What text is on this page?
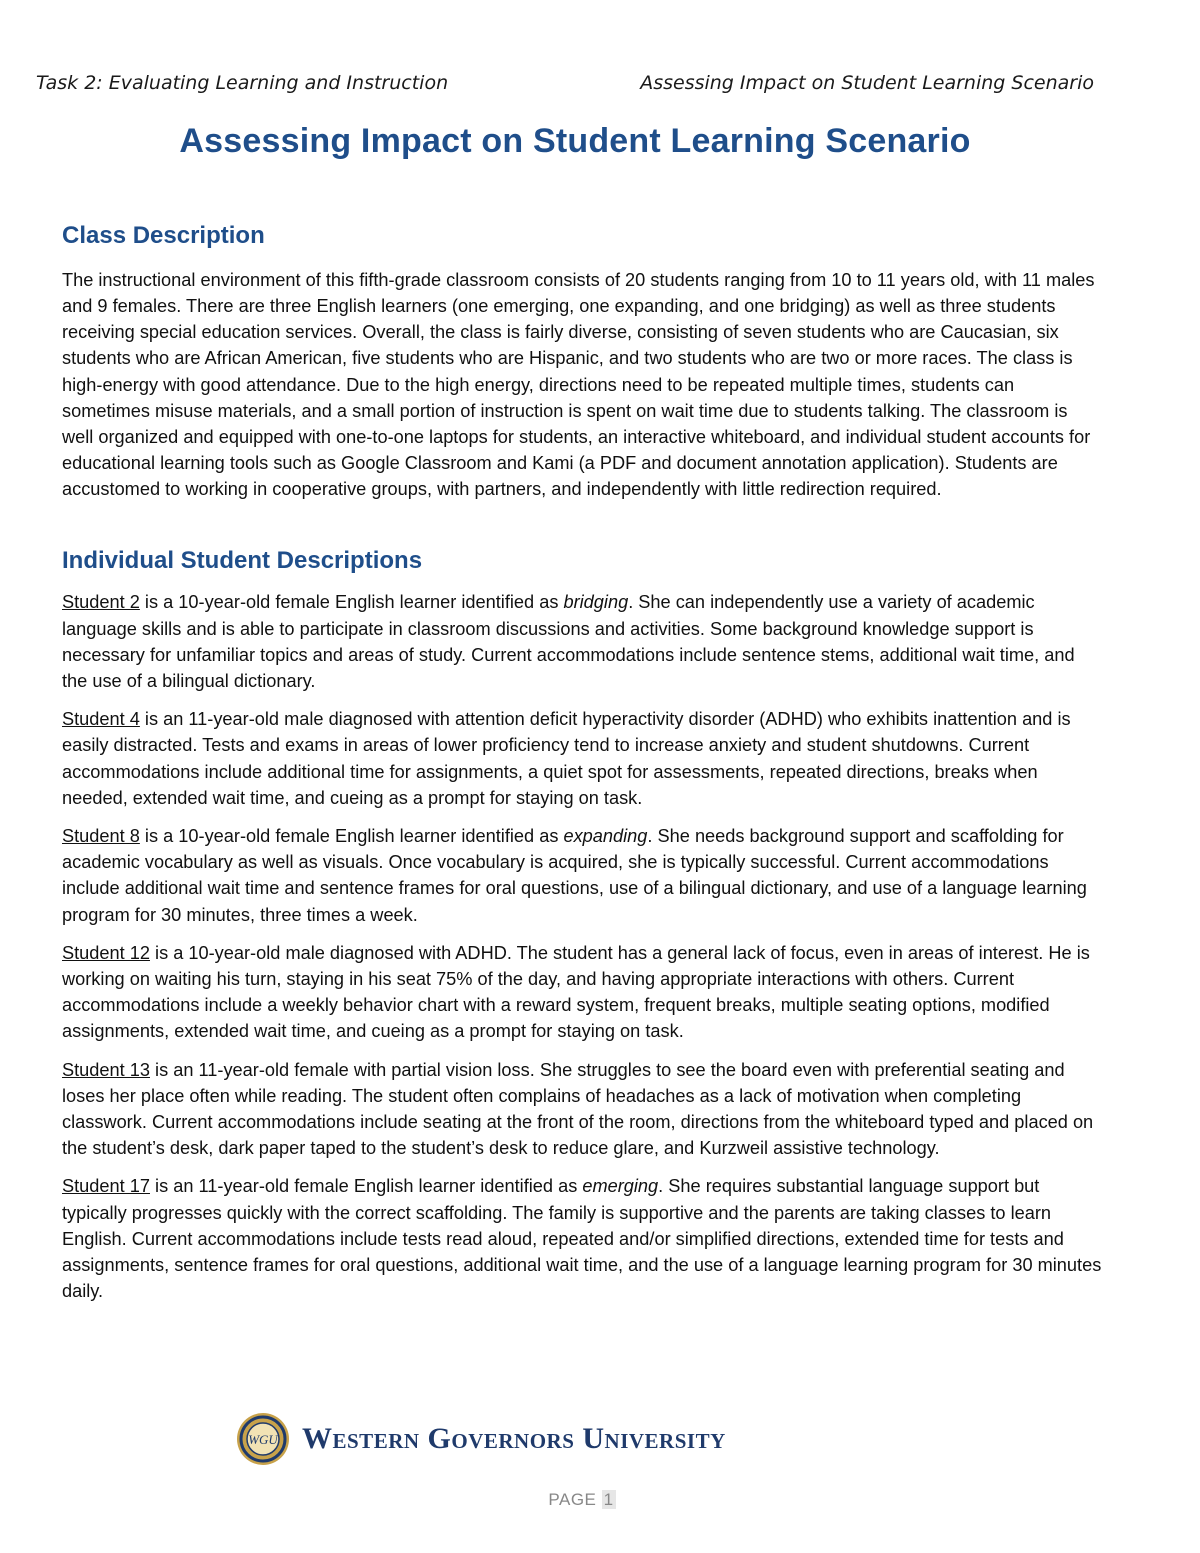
Task 2: Evaluating Learning and Instruction	Assessing Impact on Student Learning Scenario
Assessing Impact on Student Learning Scenario
Class Description

The instructional environment of this fifth-grade classroom consists of 20 students ranging from 10 to 11 years old, with 11 males and 9 females. There are three English learners (one emerging, one expanding, and one bridging) as well as three students receiving special education services. Overall, the class is fairly diverse, consisting of seven students who are Caucasian, six students who are African American, five students who are Hispanic, and two students who are two or more races. The class is high-energy with good attendance. Due to the high energy, directions need to be repeated multiple times, students can sometimes misuse materials, and a small portion of instruction is spent on wait time due to students talking. The classroom is well organized and equipped with one-to-one laptops for students, an interactive whiteboard, and individual student accounts for educational learning tools such as Google Classroom and Kami (a PDF and document annotation application). Students are accustomed to working in cooperative groups, with partners, and independently with little redirection required.

Individual Student Descriptions

Student 2 is a 10-year-old female English learner identified as bridging. She can independently use a variety of academic language skills and is able to participate in classroom discussions and activities. Some background knowledge support is necessary for unfamiliar topics and areas of study. Current accommodations include sentence stems, additional wait time, and the use of a bilingual dictionary.

Student 4 is an 11-year-old male diagnosed with attention deficit hyperactivity disorder (ADHD) who exhibits inattention and is easily distracted. Tests and exams in areas of lower proficiency tend to increase anxiety and student shutdowns. Current accommodations include additional time for assignments, a quiet spot for assessments, repeated directions, breaks when needed, extended wait time, and cueing as a prompt for staying on task.

Student 8 is a 10-year-old female English learner identified as expanding. She needs background support and scaffolding for academic vocabulary as well as visuals. Once vocabulary is acquired, she is typically successful. Current accommodations include additional wait time and sentence frames for oral questions, use of a bilingual dictionary, and use of a language learning program for 30 minutes, three times a week.

Student 12 is a 10-year-old male diagnosed with ADHD. The student has a general lack of focus, even in areas of interest. He is working on waiting his turn, staying in his seat 75% of the day, and having appropriate interactions with others. Current accommodations include a weekly behavior chart with a reward system, frequent breaks, multiple seating options, modified assignments, extended wait time, and cueing as a prompt for staying on task.

Student 13 is an 11-year-old female with partial vision loss. She struggles to see the board even with preferential seating and loses her place often while reading. The student often complains of headaches as a lack of motivation when completing classwork. Current accommodations include seating at the front of the room, directions from the whiteboard typed and placed on the student’s desk, dark paper taped to the student’s desk to reduce glare, and Kurzweil assistive technology.

Student 17 is an 11-year-old female English learner identified as emerging. She requires substantial language support but typically progresses quickly with the correct scaffolding. The family is supportive and the parents are taking classes to learn English. Current accommodations include tests read aloud, repeated and/or simplified directions, extended time for tests and assignments, sentence frames for oral questions, additional wait time, and the use of a language learning program for 30 minutes daily.

WGU Western Governors University
PAGE 1
